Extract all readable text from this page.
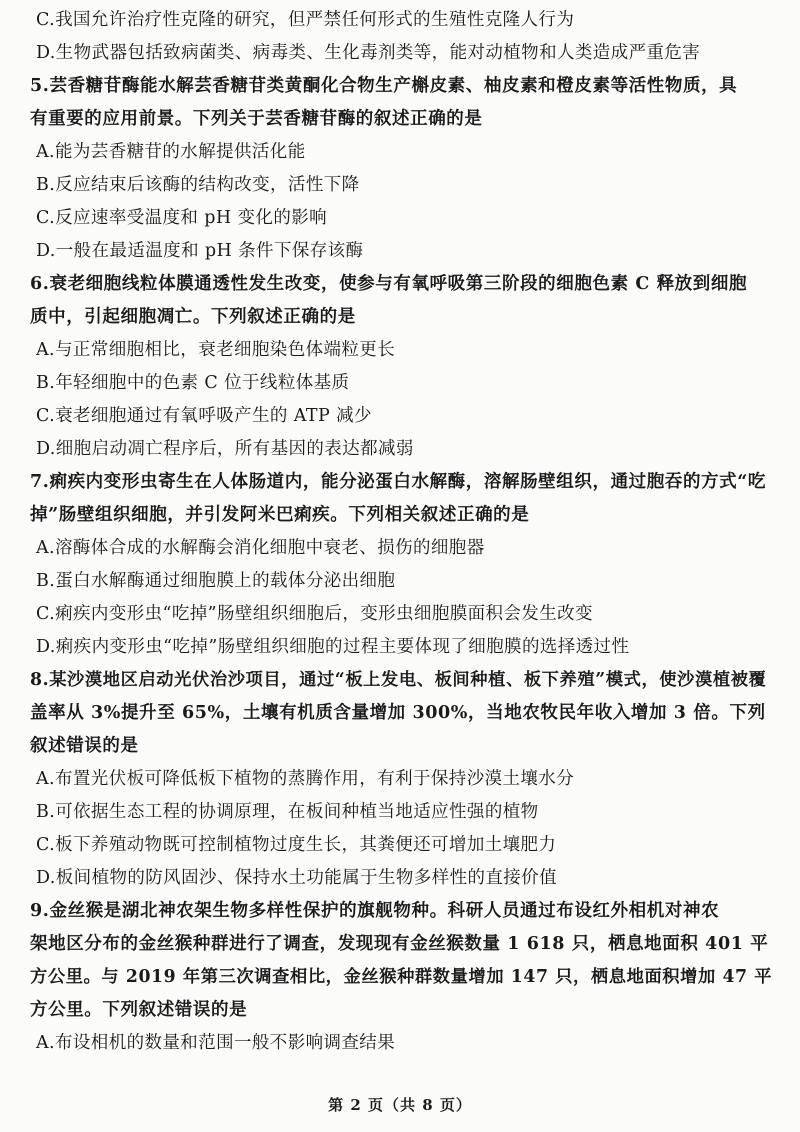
C.我国允许治疗性克隆的研究，但严禁任何形式的生殖性克隆人行为
D.生物武器包括致病菌类、病毒类、生化毒剂类等，能对动植物和人类造成严重危害
5.芸香糖苷酶能水解芸香糖苷类黄酮化合物生产槲皮素、柚皮素和橙皮素等活性物质，具
有重要的应用前景。下列关于芸香糖苷酶的叙述正确的是
A.能为芸香糖苷的水解提供活化能
B.反应结束后该酶的结构改变，活性下降
C.反应速率受温度和 pH 变化的影响
D.一般在最适温度和 pH 条件下保存该酶
6.衰老细胞线粒体膜通透性发生改变，使参与有氧呼吸第三阶段的细胞色素 C 释放到细胞
质中，引起细胞凋亡。下列叙述正确的是
A.与正常细胞相比，衰老细胞染色体端粒更长
B.年轻细胞中的色素 C 位于线粒体基质
C.衰老细胞通过有氧呼吸产生的 ATP 减少
D.细胞启动凋亡程序后，所有基因的表达都减弱
7.痢疾内变形虫寄生在人体肠道内，能分泌蛋白水解酶，溶解肠壁组织，通过胞吞的方式“吃
掉”肠壁组织细胞，并引发阿米巴痢疾。下列相关叙述正确的是
A.溶酶体合成的水解酶会消化细胞中衰老、损伤的细胞器
B.蛋白水解酶通过细胞膜上的载体分泌出细胞
C.痢疾内变形虫“吃掉”肠壁组织细胞后，变形虫细胞膜面积会发生改变
D.痢疾内变形虫“吃掉”肠壁组织细胞的过程主要体现了细胞膜的选择透过性
8.某沙漠地区启动光伏治沙项目，通过“板上发电、板间种植、板下养殖”模式，使沙漠植被覆
盖率从 3%提升至 65%，土壤有机质含量增加 300%，当地农牧民年收入增加 3 倍。下列
叙述错误的是
A.布置光伏板可降低板下植物的蒸腾作用，有利于保持沙漠土壤水分
B.可依据生态工程的协调原理，在板间种植当地适应性强的植物
C.板下养殖动物既可控制植物过度生长，其粪便还可增加土壤肥力
D.板间植物的防风固沙、保持水土功能属于生物多样性的直接价值
9.金丝猴是湖北神农架生物多样性保护的旗舰物种。科研人员通过布设红外相机对神农
架地区分布的金丝猴种群进行了调查，发现现有金丝猴数量 1 618 只，栖息地面积 401 平
方公里。与 2019 年第三次调查相比，金丝猴种群数量增加 147 只，栖息地面积增加 47 平
方公里。下列叙述错误的是
A.布设相机的数量和范围一般不影响调查结果
第 2 页（共 8 页）
